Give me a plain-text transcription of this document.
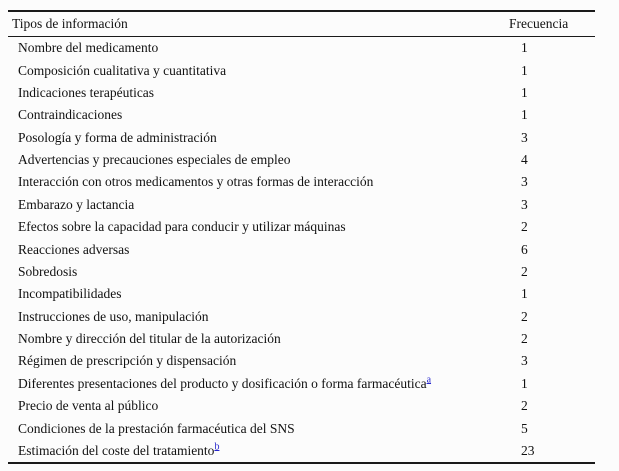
Tipos de información	Frecuencia
Nombre del medicamento	1
Composición cualitativa y cuantitativa	1
Indicaciones terapéuticas	1
Contraindicaciones	1
Posología y forma de administración	3
Advertencias y precauciones especiales de empleo	4
Interacción con otros medicamentos y otras formas de interacción	3
Embarazo y lactancia	3
Efectos sobre la capacidad para conducir y utilizar máquinas	2
Reacciones adversas	6
Sobredosis	2
Incompatibilidades	1
Instrucciones de uso, manipulación	2
Nombre y dirección del titular de la autorización	2
Régimen de prescripción y dispensación	3
Diferentes presentaciones del producto y dosificación o forma farmacéutica$^a$	1
Precio de venta al público	2
Condiciones de la prestación farmacéutica del SNS	5
Estimación del coste del tratamiento$^b$	23
